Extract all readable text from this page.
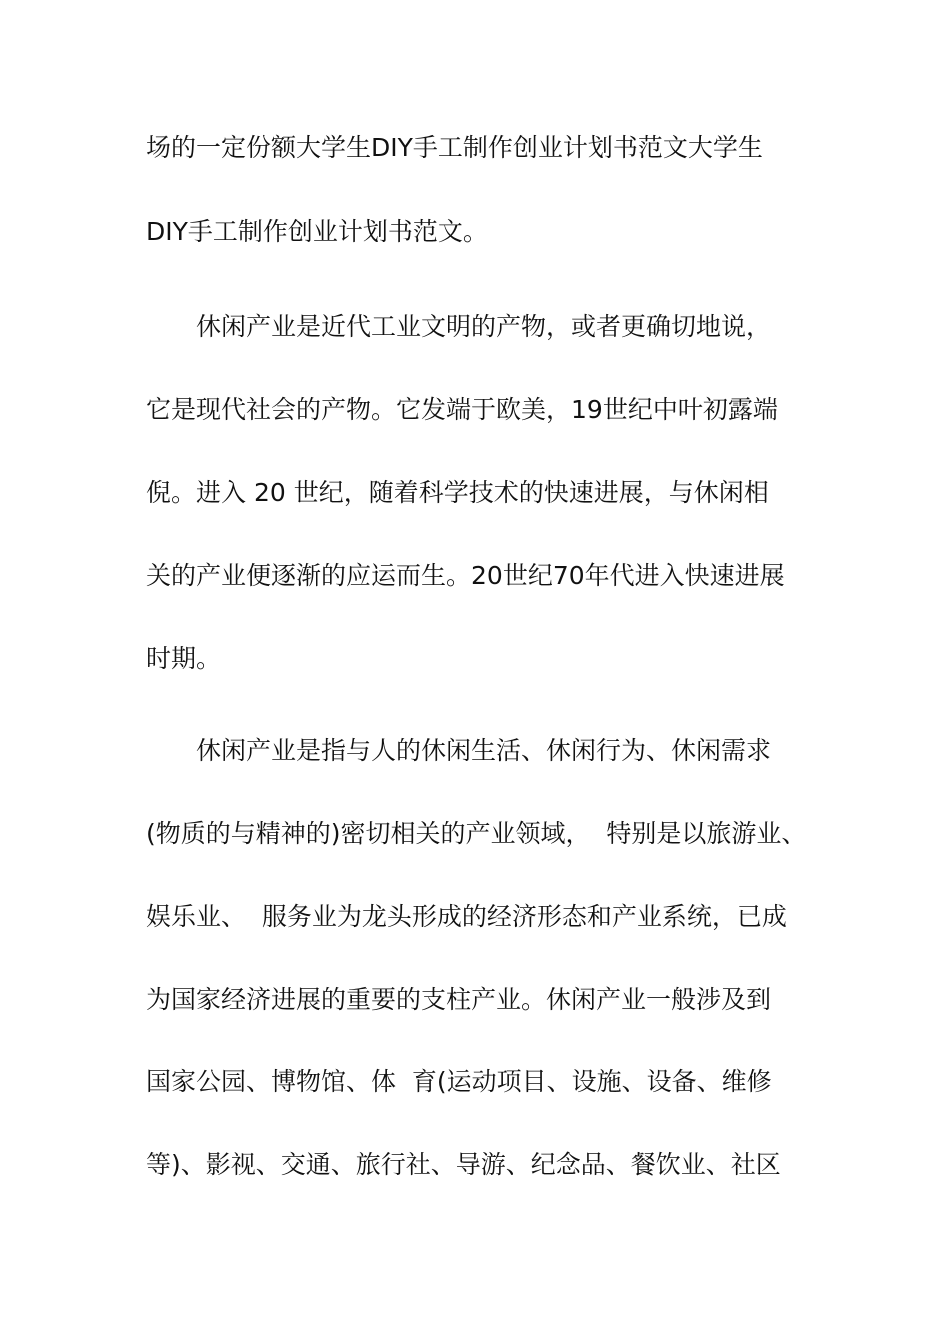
场的一定份额大学生DIY手工制作创业计划书范文大学生
DIY手工制作创业计划书范文。
休闲产业是近代工业文明的产物，或者更确切地说，
它是现代社会的产物。它发端于欧美，19世纪中叶初露端
倪。进入 20 世纪，随着科学技术的快速进展，与休闲相
关的产业便逐渐的应运而生。20世纪70年代进入快速进展
时期。
休闲产业是指与人的休闲生活、休闲行为、休闲需求
(物质的与精神的)密切相关的产业领域，  特别是以旅游业、
娱乐业、  服务业为龙头形成的经济形态和产业系统，已成
为国家经济进展的重要的支柱产业。休闲产业一般涉及到
国家公园、博物馆、体  育(运动项目、设施、设备、维修
等)、影视、交通、旅行社、导游、纪念品、餐饮业、社区
